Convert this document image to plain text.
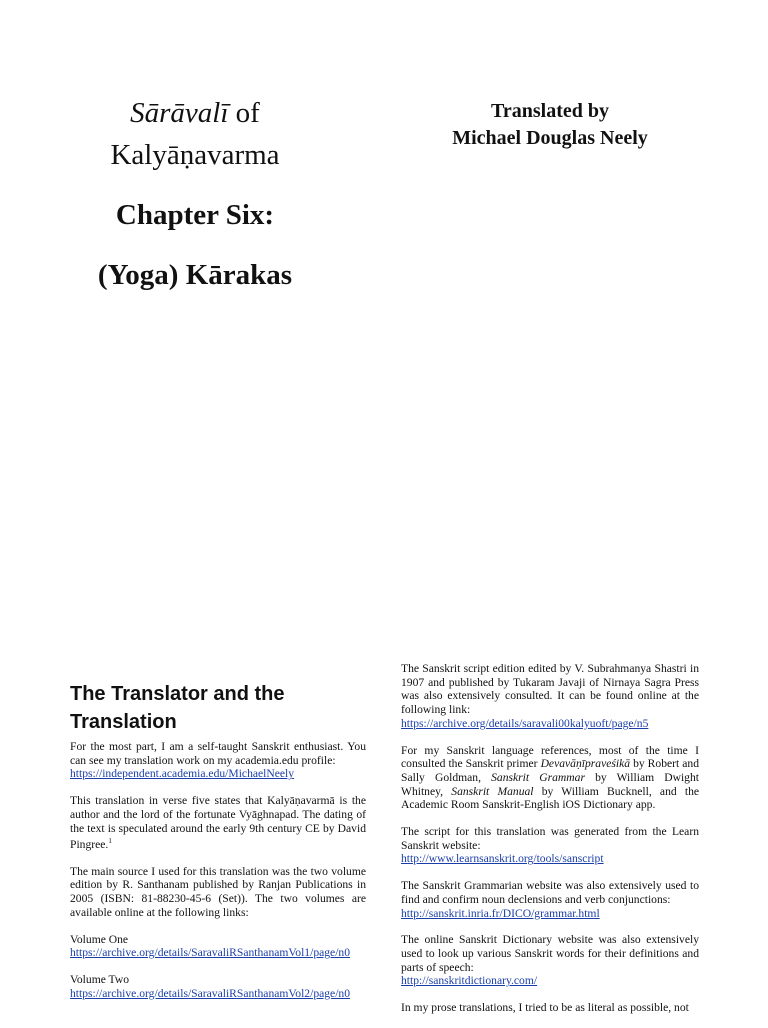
Sārāvalī of
Kalyāṇavarma
Chapter Six:
(Yoga) Kārakas
Translated by
Michael Douglas Neely
The Translator and the Translation

For the most part, I am a self-taught Sanskrit enthusiast. You can see my translation work on my academia.edu profile:
https://independent.academia.edu/MichaelNeely

This translation in verse five states that Kalyāṇavarmā is the author and the lord of the fortunate Vyāghnapad. The dating of the text is speculated around the early 9th century CE by David Pingree.$^1$

The main source I used for this translation was the two volume edition by R. Santhanam published by Ranjan Publications in 2005 (ISBN: 81-88230-45-6 (Set)). The two volumes are available online at the following links:

Volume One
https://archive.org/details/SaravaliRSanthanamVol1/page/n0

Volume Two
https://archive.org/details/SaravaliRSanthanamVol2/page/n0

The Sanskrit script edition edited by V. Subrahmanya Shastri in 1907 and published by Tukaram Javaji of Nirnaya Sagra Press was also extensively consulted. It can be found online at the following link:
https://archive.org/details/saravali00kalyuoft/page/n5

For my Sanskrit language references, most of the time I consulted the Sanskrit primer Devavāṇīpraveśikā by Robert and Sally Goldman, Sanskrit Grammar by William Dwight Whitney, Sanskrit Manual by William Bucknell, and the Academic Room Sanskrit-English iOS Dictionary app.

The script for this translation was generated from the Learn Sanskrit website:
http://www.learnsanskrit.org/tools/sanscript

The Sanskrit Grammarian website was also extensively used to find and confirm noun declensions and verb conjunctions:
http://sanskrit.inria.fr/DICO/grammar.html

The online Sanskrit Dictionary website was also extensively used to look up various Sanskrit words for their definitions and parts of speech:
http://sanskritdictionary.com/

In my prose translations, I tried to be as literal as possible, not
